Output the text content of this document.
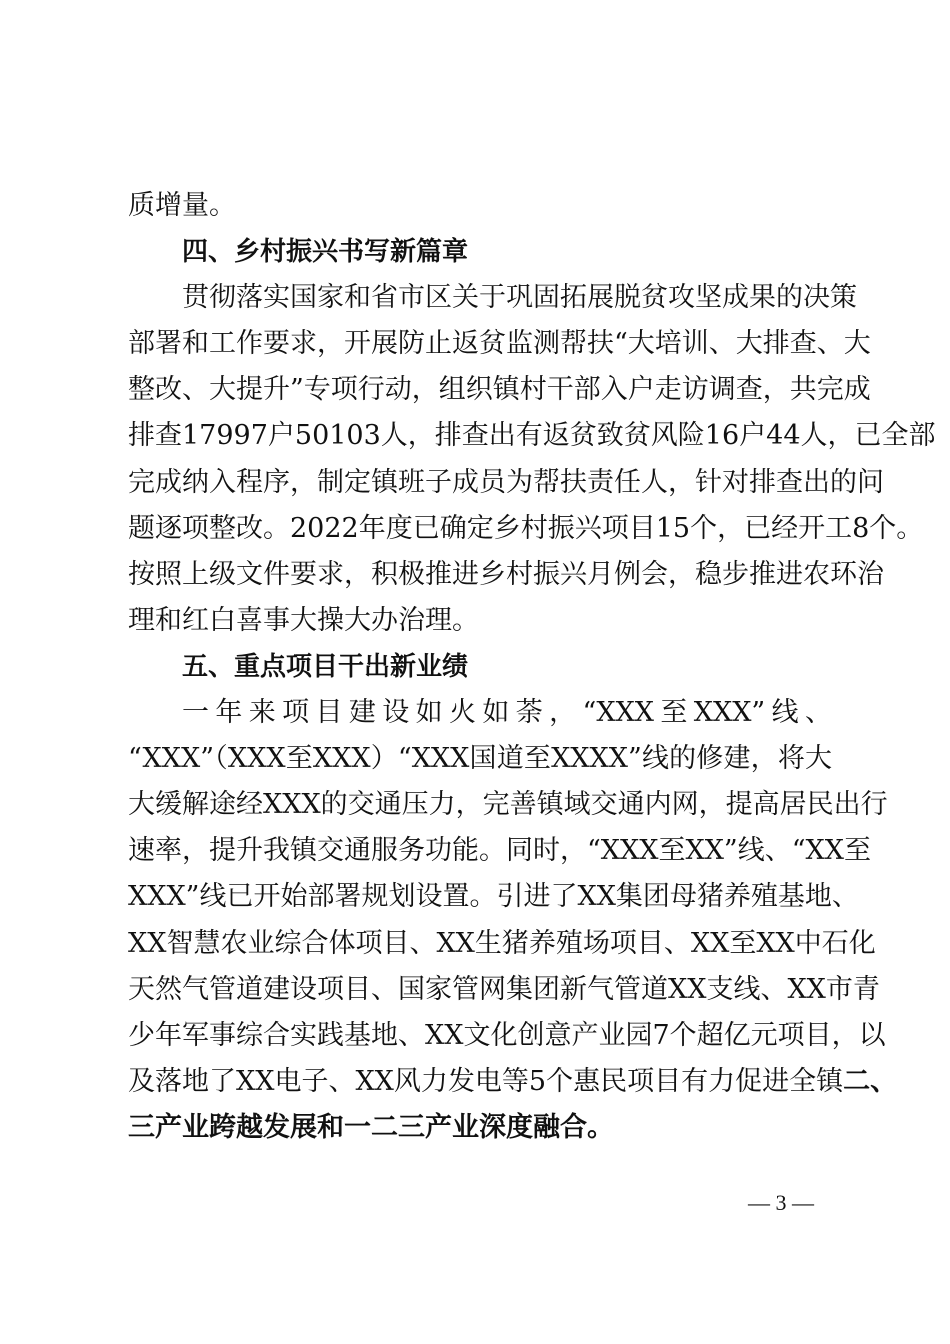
质增量。
四、乡村振兴书写新篇章
贯彻落实国家和省市区关于巩固拓展脱贫攻坚成果的决策
部署和工作要求，开展防止返贫监测帮扶“大培训、大排查、大
整改、大提升”专项行动，组织镇村干部入户走访调查，共完成
排查17997户50103人，排查出有返贫致贫风险16户44人，已全部
完成纳入程序，制定镇班子成员为帮扶责任人，针对排查出的问
题逐项整改。2022年度已确定乡村振兴项目15个，已经开工8个。
按照上级文件要求，积极推进乡村振兴月例会，稳步推进农环治
理和红白喜事大操大办治理。
五、重点项目干出新业绩
一年来项目建设如火如荼，“XXX至XXX”线、
“XXX”（XXX至XXX）“XXX国道至XXXX”线的修建，将大
大缓解途经XXX的交通压力，完善镇域交通内网，提高居民出行
速率，提升我镇交通服务功能。同时，“XXX至XX”线、“XX至
XXX”线已开始部署规划设置。引进了XX集团母猪养殖基地、
XX智慧农业综合体项目、XX生猪养殖场项目、XX至XX中石化
天然气管道建设项目、国家管网集团新气管道XX支线、XX市青
少年军事综合实践基地、XX文化创意产业园7个超亿元项目，以
及落地了XX电子、XX风力发电等5个惠民项目有力促进全镇二、
三产业跨越发展和一二三产业深度融合。
— 3 —
